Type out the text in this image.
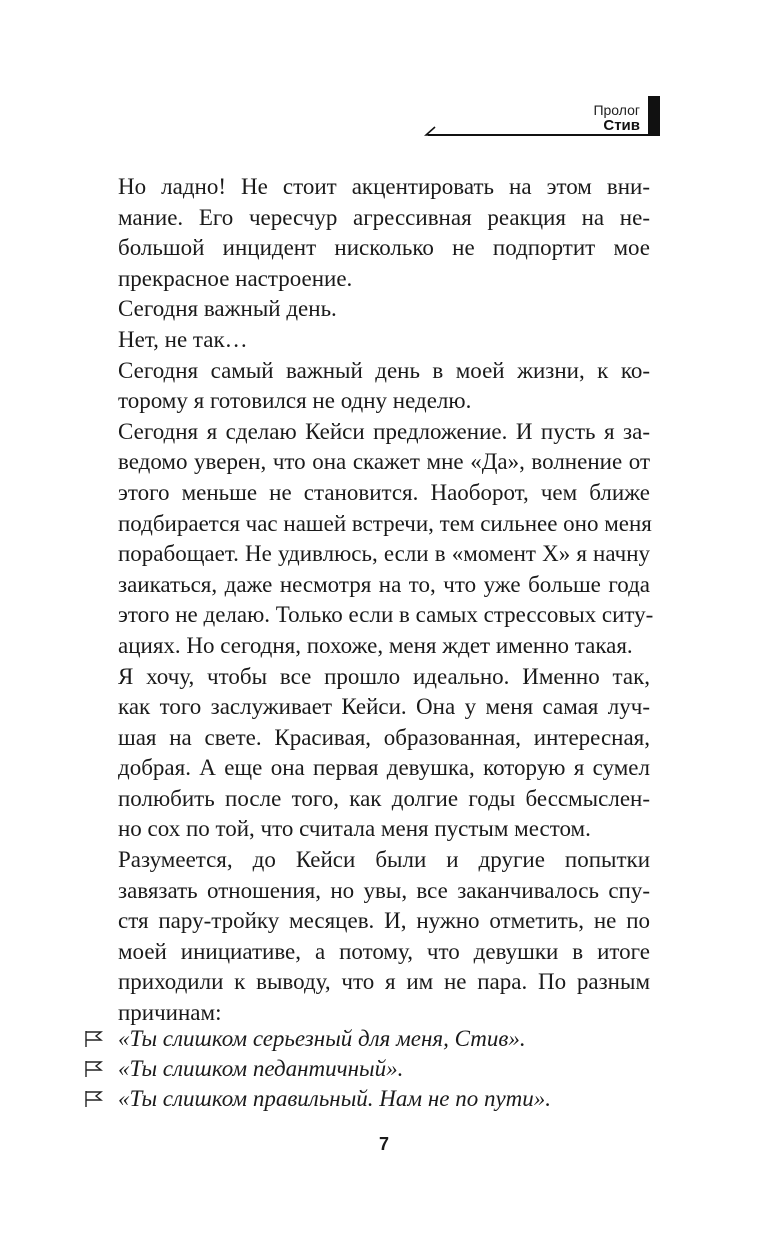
Пролог
Стив

Но ладно! Не стоит акцентировать на этом вни-
мание. Его чересчур агрессивная реакция на не-
большой инцидент нисколько не подпортит мое
прекрасное настроение.

Сегодня важный день.

Нет, не так…

Сегодня самый важный день в моей жизни, к ко-
торому я готовился не одну неделю.

Сегодня я сделаю Кейси предложение. И пусть я за-
ведомо уверен, что она скажет мне «Да», волнение от
этого меньше не становится. Наоборот, чем ближе
подбирается час нашей встречи, тем сильнее оно меня
порабощает. Не удивлюсь, если в «момент X» я начну
заикаться, даже несмотря на то, что уже больше года
этого не делаю. Только если в самых стрессовых ситу-
ациях. Но сегодня, похоже, меня ждет именно такая.

Я хочу, чтобы все прошло идеально. Именно так,
как того заслуживает Кейси. Она у меня самая луч-
шая на свете. Красивая, образованная, интересная,
добрая. А еще она первая девушка, которую я сумел
полюбить после того, как долгие годы бессмыслен-
но сох по той, что считала меня пустым местом.

Разумеется, до Кейси были и другие попытки
завязать отношения, но увы, все заканчивалось спу-
стя пару-тройку месяцев. И, нужно отметить, не по
моей инициативе, а потому, что девушки в итоге
приходили к выводу, что я им не пара. По разным
причинам:

«Ты слишком серьезный для меня, Стив».
«Ты слишком педантичный».
«Ты слишком правильный. Нам не по пути».
7
